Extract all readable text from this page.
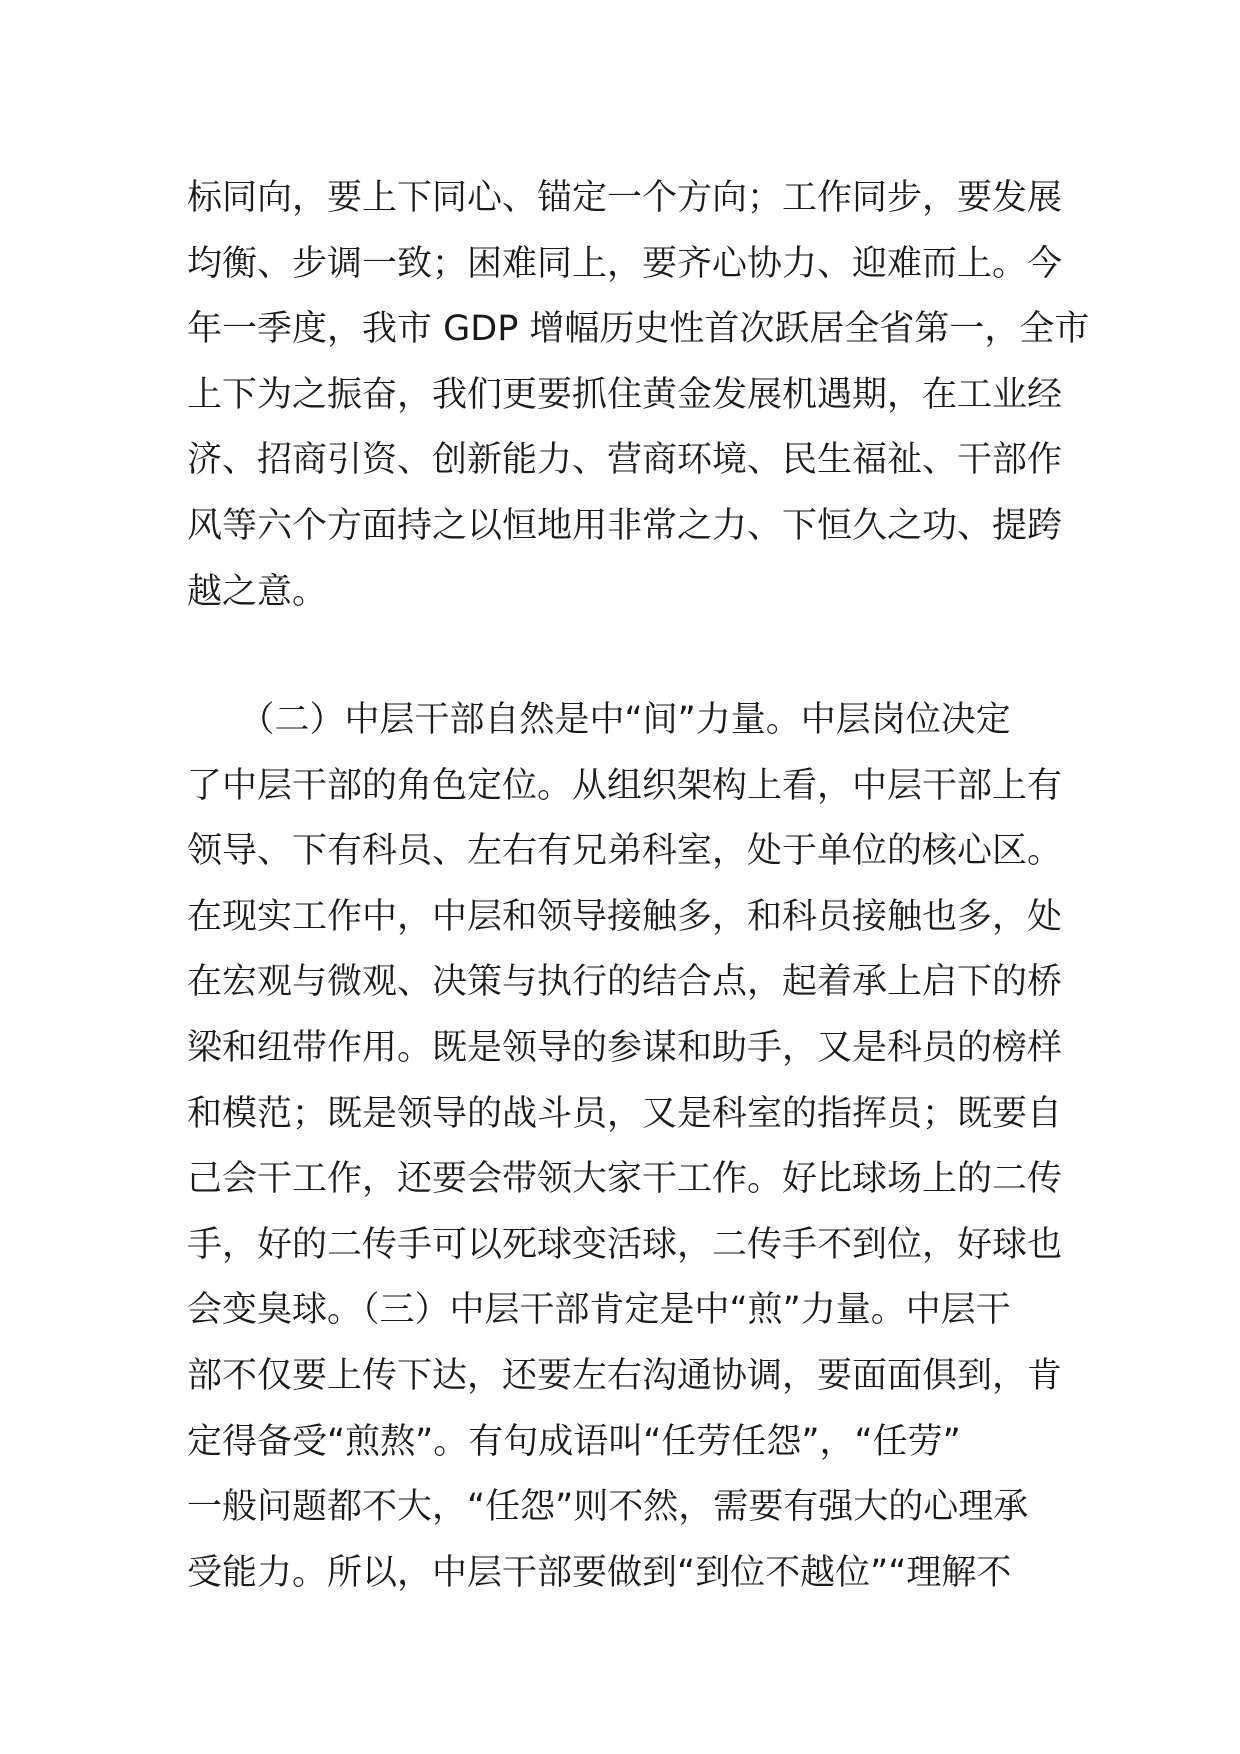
标同向，要上下同心、锚定一个方向；工作同步，要发展
均衡、步调一致；困难同上，要齐心协力、迎难而上。今
年一季度，我市 GDP 增幅历史性首次跃居全省第一，全市
上下为之振奋，我们更要抓住黄金发展机遇期，在工业经
济、招商引资、创新能力、营商环境、民生福祉、干部作
风等六个方面持之以恒地用非常之力、下恒久之功、提跨
越之意。
　　（二）中层干部自然是中“间”力量。中层岗位决定
了中层干部的角色定位。从组织架构上看，中层干部上有
领导、下有科员、左右有兄弟科室，处于单位的核心区。
在现实工作中，中层和领导接触多，和科员接触也多，处
在宏观与微观、决策与执行的结合点，起着承上启下的桥
梁和纽带作用。既是领导的参谋和助手，又是科员的榜样
和模范；既是领导的战斗员，又是科室的指挥员；既要自
己会干工作，还要会带领大家干工作。好比球场上的二传
手，好的二传手可以死球变活球，二传手不到位，好球也
会变臭球。（三）中层干部肯定是中“煎”力量。中层干
部不仅要上传下达，还要左右沟通协调，要面面俱到，肯
定得备受“煎熬”。有句成语叫“任劳任怨”，“任劳”
一般问题都不大，“任怨”则不然，需要有强大的心理承
受能力。所以，中层干部要做到“到位不越位”“理解不
